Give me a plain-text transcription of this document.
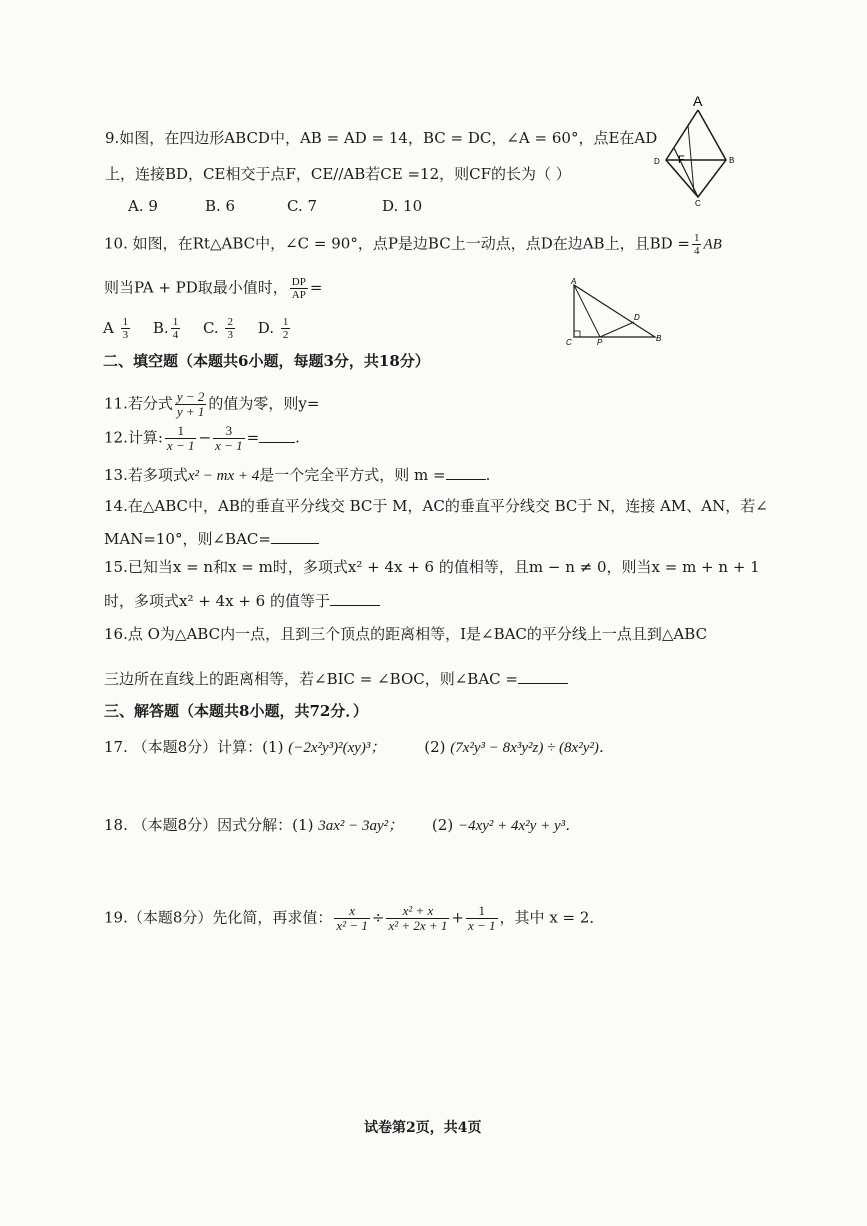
9.如图，在四边形ABCD中，AB = AD = 14，BC = DC，∠A = 60°，点E在AD
上，连接BD，CE相交于点F，CE//AB若CE =12，则CF的长为（ ）
A. 9	B. 6	C. 7	D. 10
A
D F	B
C
10. 如图，在Rt△ABC中，∠C = 90°，点P是边BC上一动点，点D在边AB上，且BD = $\frac{1}{4}$ AB
则当PA + PD取最小值时， $\frac{DP}{AP}$ =
A $\frac{1}{3} B$. $\frac{1}{4} C$. $\frac{2}{3} D$. $\frac{1}{2}$
A
C	P
D
B
二、填空题（本题共6小题，每题3分，共18分）
11.若分式 $\frac{y - 2}{y + 1}$ 的值为零，则y=
12.计算: $\frac{1}{x - 1} - \frac{3}{x - 1}$ = .
13.若多项式x² − mx + 4是一个完全平方式，则 m =	.
14.在△ABC中，AB的垂直平分线交 BC于 M，AC的垂直平分线交 BC于 N，连接 AM、AN，若∠
MAN=10°，则∠BAC=
15.已知当x = n和x = m时，多项式x² + 4x + 6 的值相等，且m − n ≠ 0，则当x = m + n + 1
时，多项式x² + 4x + 6 的值等于
16.点 O为△ABC内一点，且到三个顶点的距离相等，I是∠BAC的平分线上一点且到△ABC
三边所在直线上的距离相等，若∠BIC = ∠BOC，则∠BAC =
三、解答题（本题共8小题，共72分．）
17. （本题8分）计算：(1) (−2x²y³)²(xy)³；	(2) (7x²y³ − 8x³y²z) ÷ (8x²y²)．
18. （本题8分）因式分解：(1) 3ax² − 3ay²； (2) −4xy² + 4x²y + y³．
19.（本题8分）先化简，再求值： $\frac{x}{\text{x² − 1}} \div \frac{\text{x² + x}}{\text{x² + 2x + 1}} + \frac{1}{x - 1}$ ，其中 x = 2．
试卷第2页，共4页
